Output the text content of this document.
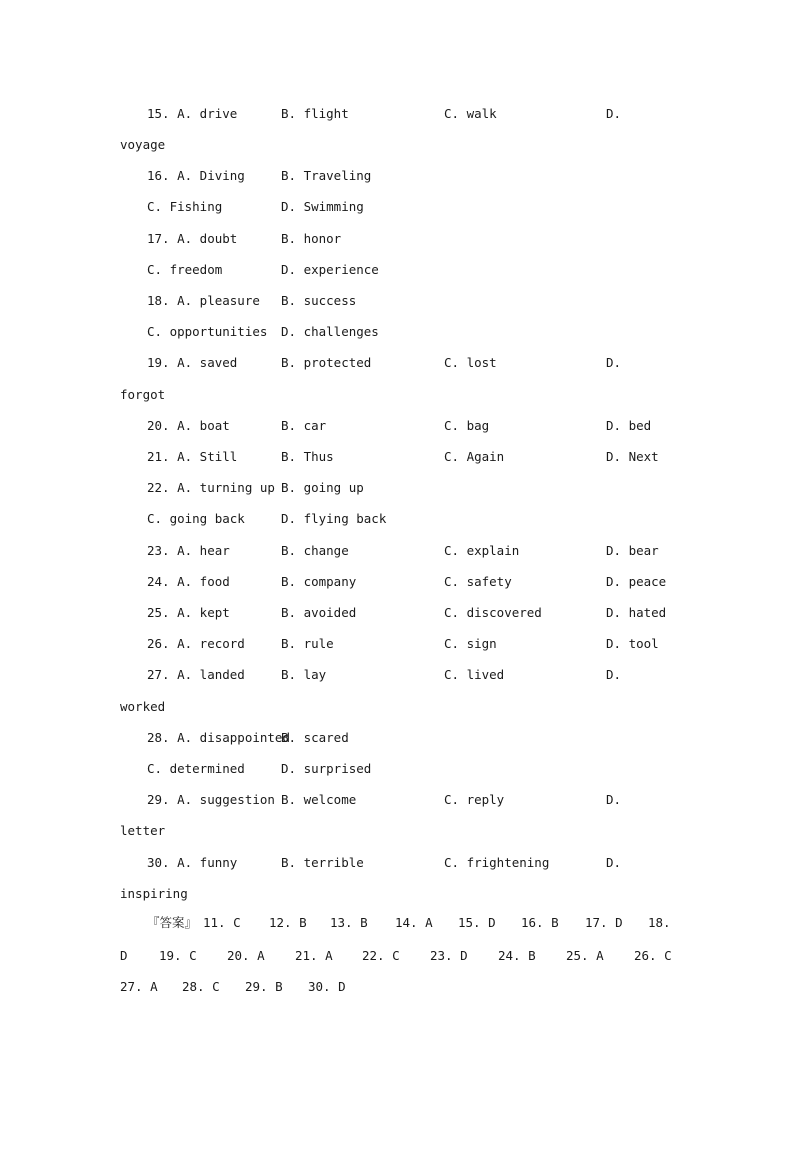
15. A. drive

	B. flight

	C. walk

	D.

voyage

16. A. Diving

	B. Traveling

C. Fishing

	D. Swimming

17. A. doubt

	B. honor

C. freedom

	D. experience

18. A. pleasure

B. success

C. opportunities

D. challenges

19. A. saved

	B. protected

	C. lost

	D.

forgot

20. A. boat

	B. car

	C. bag

	D. bed

21. A. Still

	B. Thus

	C. Again

	D. Next

22. A. turning up

B. going up

C. going back

	D. flying back

23. A. hear

	B. change

	C. explain

	D. bear

24. A. food

	B. company

	C. safety

	D. peace

25. A. kept

	B. avoided

	C. discovered

	D. hated

26. A. record

	B. rule

	C. sign

	D. tool

27. A. landed

	B. lay

	C. lived

	D.

worked

28. A. disappointed

B. scared

C. determined

	D. surprised

29. A. suggestion

B. welcome

	C. reply

	D.

letter

30. A. funny

	B. terrible

	C. frightening

	D.

inspiring

『答案』

11. C

12. B

13. B

14. A

15. D

16. B

17. D

18.

D

	19. C

20. A

21. A

22. C

23. D

24. B

25. A

26. C

27. A

28. C

29. B

30. D
